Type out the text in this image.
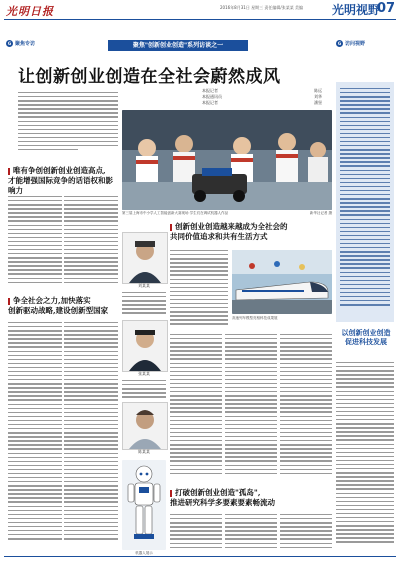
光明日报	2016年8月31日 星期三 责任编辑/张某某 美编	光明视野
07
G 聚焦专访	聚焦"创新创业创造"系列访谈之一	G 访问视野
让创新创业创造在全社会蔚然成风
本报记者	陈远
本报通讯员	刘华
本报记者	潘坚
第三届上海市中小学人工智能创新大赛现场 学生们在调试机器人作品	新华社记者 摄
唯有争创创新创业创造高点,
才能增强国际竞争的话语权和影响力
争全社会之力,加快落实
创新驱动战略,建设创新型国家
刘某某
张某某
陈某某
创新创业创造越来越成为全社会的
共同价值追求和共有生活方式
高速列车模型亮相科技成果展
打破创新创业创造"孤岛",
推进研究科学多要素要素畅流动
机器人展示
以创新创业创造
促进科技发展
